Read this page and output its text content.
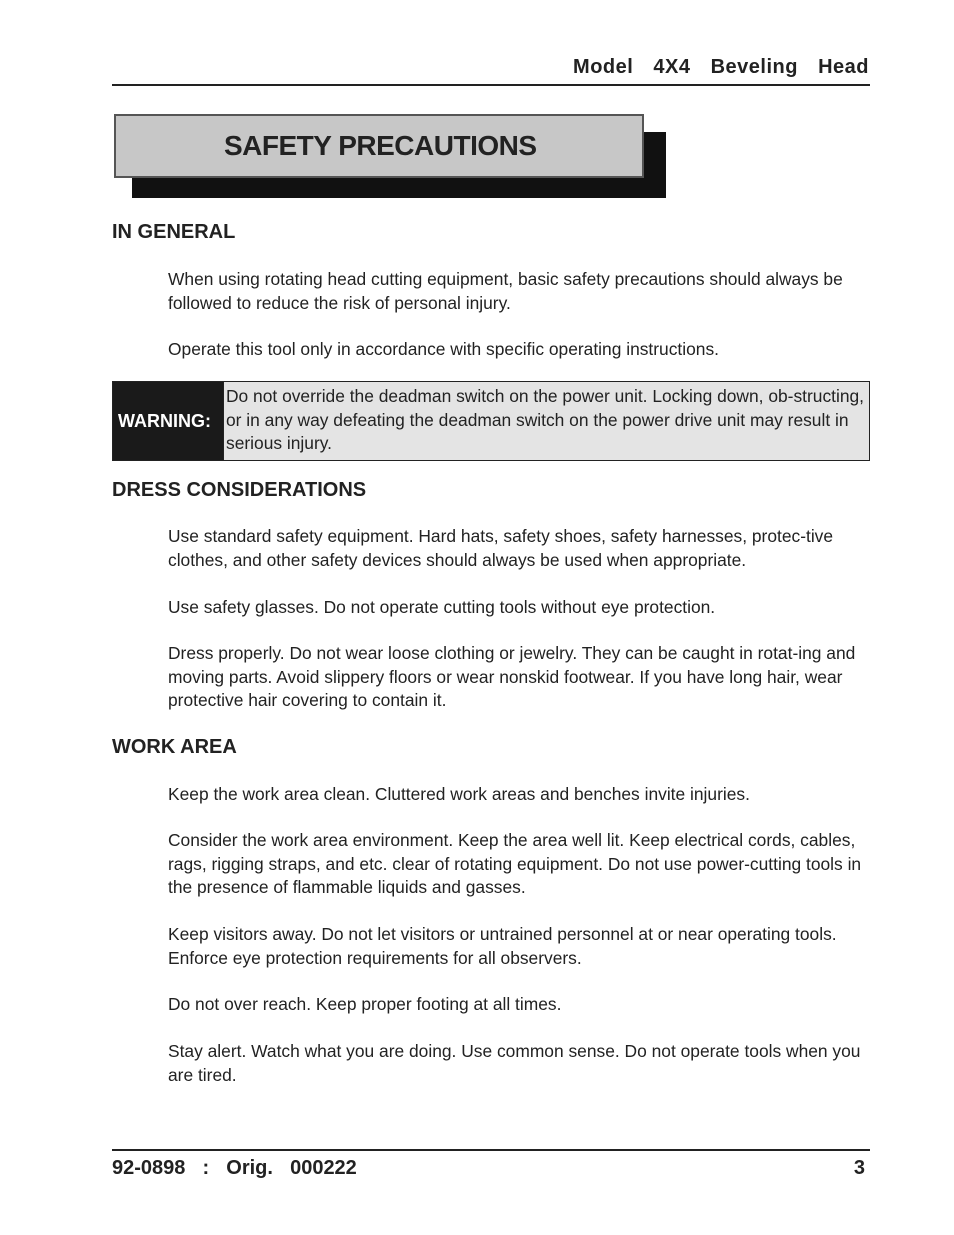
Model  4X4  Beveling  Head
SAFETY PRECAUTIONS
IN GENERAL
When using rotating head cutting equipment, basic safety precautions should always be followed to reduce the risk of personal injury.
Operate this tool only in accordance with specific operating instructions.
WARNING:
Do not override the deadman switch on the power unit. Locking down, ob-structing, or in any way defeating the deadman switch on the power drive unit may result in serious injury.
DRESS CONSIDERATIONS
Use standard safety equipment. Hard hats, safety shoes, safety harnesses, protec-tive clothes, and other safety devices should always be used when appropriate.
Use safety glasses. Do not operate cutting tools without eye protection.
Dress properly. Do not wear loose clothing or jewelry. They can be caught in rotat-ing and moving parts. Avoid slippery floors or wear nonskid footwear. If you have long hair, wear protective hair covering to contain it.
WORK AREA
Keep the work area clean. Cluttered work areas and benches invite injuries.
Consider the work area environment. Keep the area well lit. Keep electrical cords, cables, rags, rigging straps, and etc. clear of rotating equipment. Do not use power-cutting tools in the presence of flammable liquids and gasses.
Keep visitors away. Do not let visitors or untrained personnel at or near operating tools. Enforce eye protection requirements for all observers.
Do not over reach. Keep proper footing at all times.
Stay alert. Watch what you are doing. Use common sense. Do not operate tools when you are tired.
92-0898  :  Orig.  000222	3
